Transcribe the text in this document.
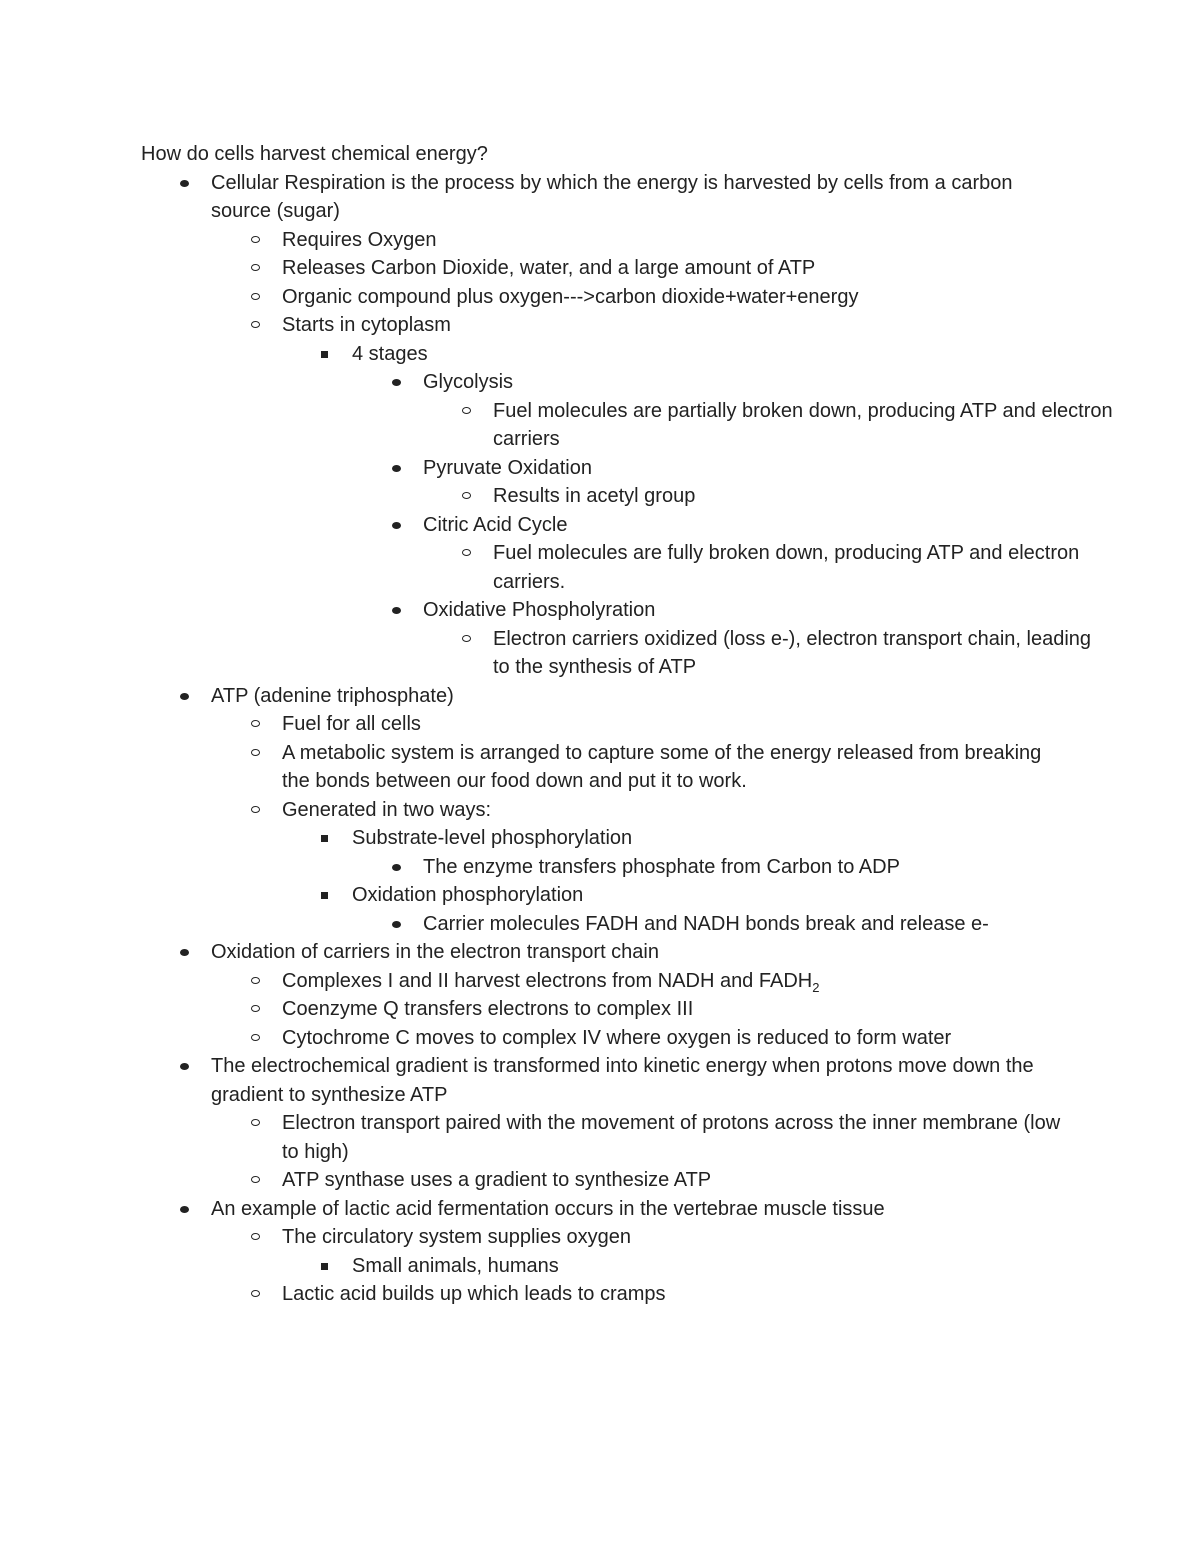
How do cells harvest chemical energy?

Cellular Respiration is the process by which the energy is harvested by cells from a carbon source (sugar)
Requires Oxygen
Releases Carbon Dioxide, water, and a large amount of ATP
Organic compound plus oxygen--->carbon dioxide+water+energy
Starts in cytoplasm
4 stages
Glycolysis
Fuel molecules are partially broken down, producing ATP and electron carriers
Pyruvate Oxidation
Results in acetyl group
Citric Acid Cycle
Fuel molecules are fully broken down, producing ATP and electron carriers.
Oxidative Phospholyration
Electron carriers oxidized (loss e-), electron transport chain, leading to the synthesis of ATP
ATP (adenine triphosphate)
Fuel for all cells
A metabolic system is arranged to capture some of the energy released from breaking the bonds between our food down and put it to work.
Generated in two ways:
Substrate-level phosphorylation
The enzyme transfers phosphate from Carbon to ADP
Oxidation phosphorylation
Carrier molecules FADH and NADH bonds break and release e-
Oxidation of carriers in the electron transport chain
Complexes I and II harvest electrons from NADH and $FADH_2$
Coenzyme Q transfers electrons to complex III
Cytochrome C moves to complex IV where oxygen is reduced to form water
The electrochemical gradient is transformed into kinetic energy when protons move down the gradient to synthesize ATP
Electron transport paired with the movement of protons across the inner membrane (low to high)
ATP synthase uses a gradient to synthesize ATP
An example of lactic acid fermentation occurs in the vertebrae muscle tissue
The circulatory system supplies oxygen
Small animals, humans
Lactic acid builds up which leads to cramps
